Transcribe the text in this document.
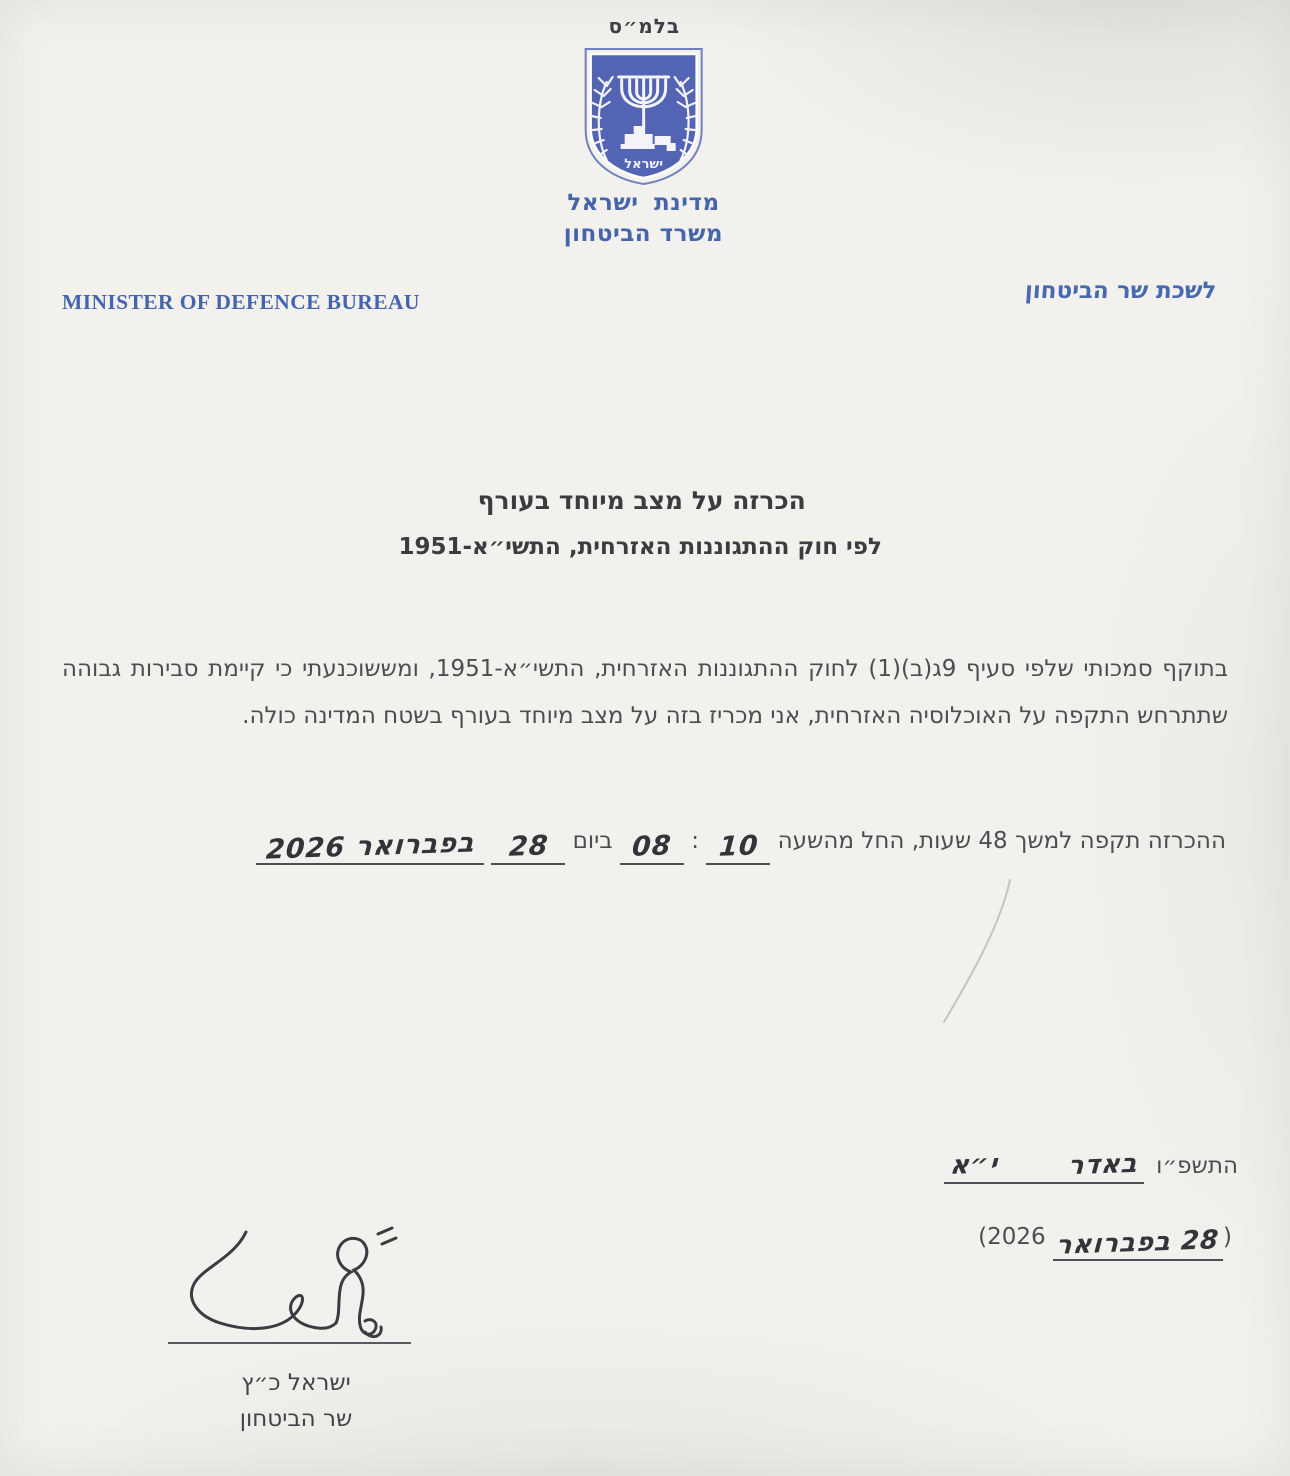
בלמ״ס
ישראל
מדינת ישראל
משרד הביטחון
MINISTER OF DEFENCE BUREAU	לשכת שר הביטחון
הכרזה על מצב מיוחד בעורף
לפי חוק ההתגוננות האזרחית, התשי״א-1951

בתוקף סמכותי שלפי סעיף 9ג(ב)(1) לחוק ההתגוננות האזרחית, התשי״א-1951, ומששוכנעתי כי קיימת סבירות גבוהה שתתרחש התקפה על האוכלוסיה האזרחית, אני מכריז בזה על מצב מיוחד בעורף בשטח המדינה כולה.

ההכרזה תקפה למשך 48 שעות, החל מהשעה 10 : 08 ביום 28 בפברואר 2026

י״א	באדר התשפ״ו

(28 בפברואר 2026)

ישראל כ״ץ
שר הביטחון
